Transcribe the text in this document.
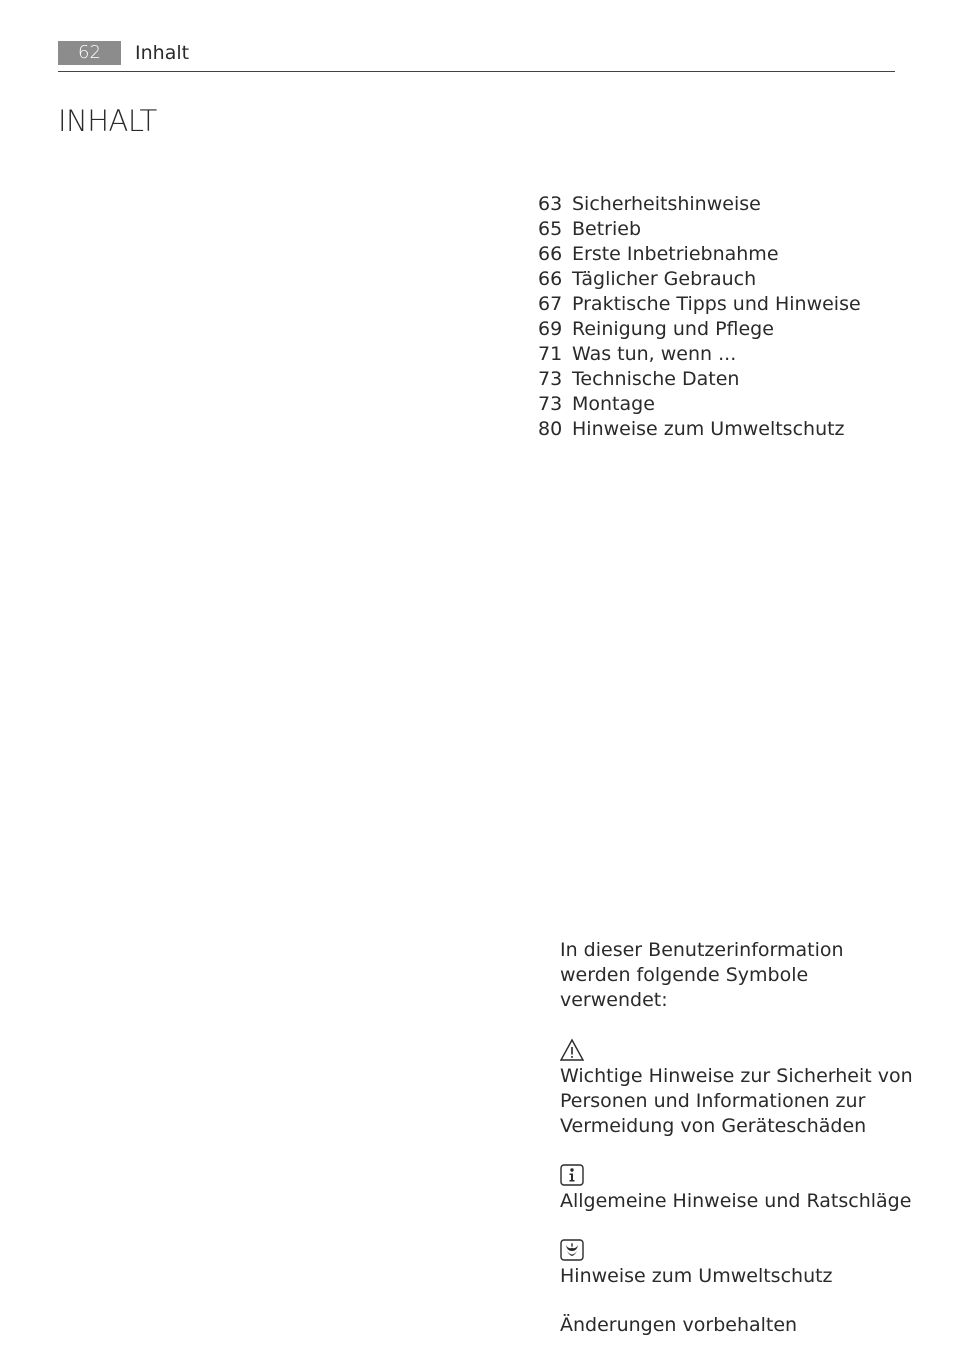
62	Inhalt
INHALT
63 Sicherheitshinweise
65 Betrieb
66 Erste Inbetriebnahme
66 Täglicher Gebrauch
67 Praktische Tipps und Hinweise
69 Reinigung und Pflege
71 Was tun, wenn ...
73 Technische Daten
73 Montage
80 Hinweise zum Umweltschutz

In dieser Benutzerinformation werden folgende Symbole verwendet:

Wichtige Hinweise zur Sicherheit von Personen und Informationen zur Vermeidung von Geräteschäden

Allgemeine Hinweise und Ratschläge

Hinweise zum Umweltschutz

Änderungen vorbehalten
